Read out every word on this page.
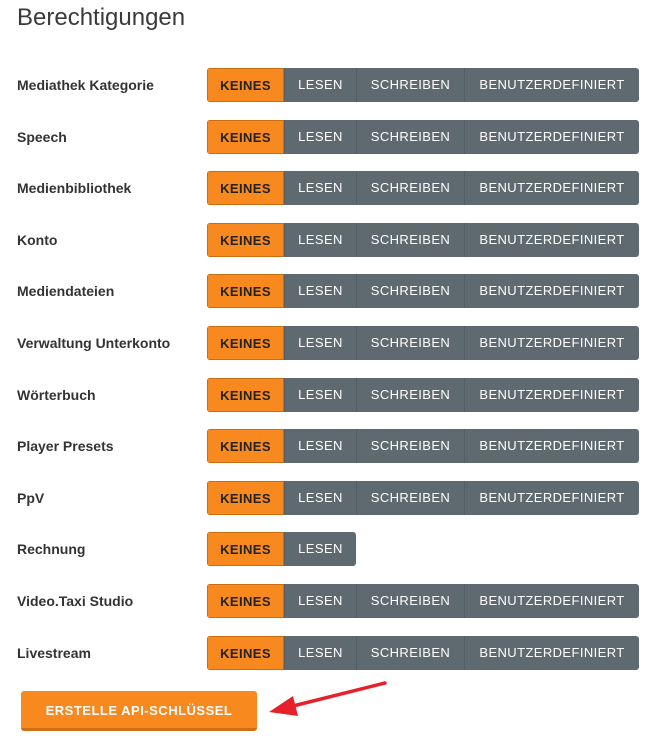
Berechtigungen
Mediathek Kategorie	KEINES	LESEN	SCHREIBEN	BENUTZERDEFINIERT
Speech	KEINES	LESEN	SCHREIBEN	BENUTZERDEFINIERT
Medienbibliothek	KEINES	LESEN	SCHREIBEN	BENUTZERDEFINIERT
Konto	KEINES	LESEN	SCHREIBEN	BENUTZERDEFINIERT
Mediendateien	KEINES	LESEN	SCHREIBEN	BENUTZERDEFINIERT
Verwaltung Unterkonto	KEINES	LESEN	SCHREIBEN	BENUTZERDEFINIERT
Wörterbuch	KEINES	LESEN	SCHREIBEN	BENUTZERDEFINIERT
Player Presets	KEINES	LESEN	SCHREIBEN	BENUTZERDEFINIERT
PpV	KEINES	LESEN	SCHREIBEN	BENUTZERDEFINIERT
Rechnung	KEINES	LESEN
Video.Taxi Studio	KEINES	LESEN	SCHREIBEN	BENUTZERDEFINIERT
Livestream	KEINES	LESEN	SCHREIBEN	BENUTZERDEFINIERT
ERSTELLE API-SCHLÜSSEL
